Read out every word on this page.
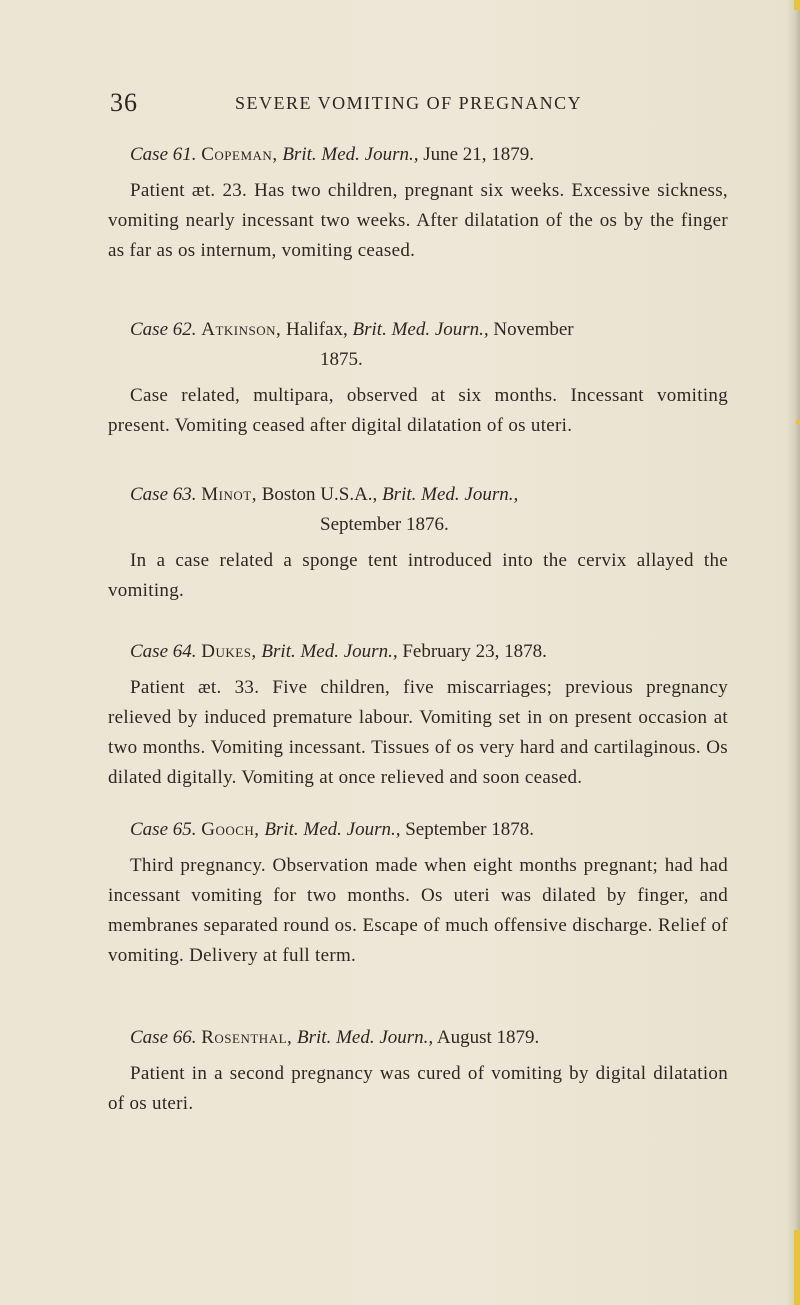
36	SEVERE VOMITING OF PREGNANCY

Case 61. Copeman, Brit. Med. Journ., June 21, 1879.

Patient æt. 23. Has two children, pregnant six weeks. Excessive sickness, vomiting nearly incessant two weeks. After dilatation of the os by the finger as far as os internum, vomiting ceased.

Case 62. Atkinson, Halifax, Brit. Med. Journ., November
1875.

Case related, multipara, observed at six months. Incessant vomiting present. Vomiting ceased after digital dilatation of os uteri.

Case 63. Minot, Boston U.S.A., Brit. Med. Journ.,
September 1876.

In a case related a sponge tent introduced into the cervix allayed the vomiting.

Case 64. Dukes, Brit. Med. Journ., February 23, 1878.

Patient æt. 33. Five children, five miscarriages; previous pregnancy relieved by induced premature labour. Vomiting set in on present occasion at two months. Vomiting incessant. Tissues of os very hard and cartilaginous. Os dilated digitally. Vomiting at once relieved and soon ceased.

Case 65. Gooch, Brit. Med. Journ., September 1878.

Third pregnancy. Observation made when eight months pregnant; had had incessant vomiting for two months. Os uteri was dilated by finger, and membranes separated round os. Escape of much offensive discharge. Relief of vomiting. Delivery at full term.

Case 66. Rosenthal, Brit. Med. Journ., August 1879.

Patient in a second pregnancy was cured of vomiting by digital dilatation of os uteri.
